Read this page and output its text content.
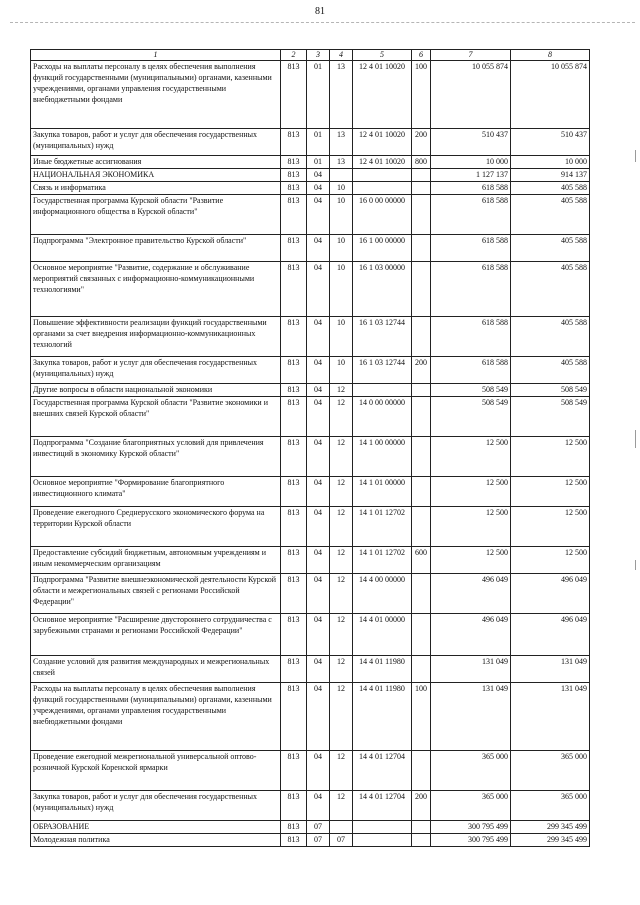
81
1	2	3	4	5	6	7	8
Расходы на выплаты персоналу в целях обеспечения выполнения функций государственными (муниципальными) органами, казенными учреждениями, органами управления государственными внебюджетными фондами	813	01	13	12 4 01 10020	100	10 055 874	10 055 874
Закупка товаров, работ и услуг для обеспечения государственных (муниципальных) нужд	813	01	13	12 4 01 10020	200	510 437	510 437
Иные бюджетные ассигнования	813	01	13	12 4 01 10020	800	10 000	10 000
НАЦИОНАЛЬНАЯ ЭКОНОМИКА	813	04				1 127 137	914 137
Связь и информатика	813	04	10			618 588	405 588
Государственная программа Курской области "Развитие информационного общества в Курской области"	813	04	10	16 0 00 00000		618 588	405 588
Подпрограмма "Электронное правительство Курской области"	813	04	10	16 1 00 00000		618 588	405 588
Основное мероприятие "Развитие, содержание и обслуживание мероприятий связанных с информационно-коммуникационными технологиями"	813	04	10	16 1 03 00000		618 588	405 588
Повышение эффективности реализации функций государственными органами за счет внедрения информационно-коммуникационных технологий	813	04	10	16 1 03 12744		618 588	405 588
Закупка товаров, работ и услуг для обеспечения государственных (муниципальных) нужд	813	04	10	16 1 03 12744	200	618 588	405 588
Другие вопросы в области национальной экономики	813	04	12			508 549	508 549
Государственная программа Курской области "Развитие экономики и внешних связей Курской области"	813	04	12	14 0 00 00000		508 549	508 549
Подпрограмма "Создание благоприятных условий для привлечения инвестиций в экономику Курской области"	813	04	12	14 1 00 00000		12 500	12 500
Основное мероприятие "Формирование благоприятного инвестиционного климата"	813	04	12	14 1 01 00000		12 500	12 500
Проведение ежегодного Среднерусского экономического форума на территории Курской области	813	04	12	14 1 01 12702		12 500	12 500
Предоставление субсидий бюджетным, автономным учреждениям и иным некоммерческим организациям	813	04	12	14 1 01 12702	600	12 500	12 500
Подпрограмма "Развитие внешнеэкономической деятельности Курской области и межрегиональных связей с регионами Российской Федерации"	813	04	12	14 4 00 00000		496 049	496 049
Основное мероприятие "Расширение двустороннего сотрудничества с зарубежными странами и регионами Российской Федерации"	813	04	12	14 4 01 00000		496 049	496 049
Создание условий для развития международных и межрегиональных связей	813	04	12	14 4 01 11980		131 049	131 049
Расходы на выплаты персоналу в целях обеспечения выполнения функций государственными (муниципальными) органами, казенными учреждениями, органами управления государственными внебюджетными фондами	813	04	12	14 4 01 11980	100	131 049	131 049
Проведение ежегодной межрегиональной универсальной оптово-розничной Курской Коренской ярмарки	813	04	12	14 4 01 12704		365 000	365 000
Закупка товаров, работ и услуг для обеспечения государственных (муниципальных) нужд	813	04	12	14 4 01 12704	200	365 000	365 000
ОБРАЗОВАНИЕ	813	07				300 795 499	299 345 499
Молодежная политика	813	07	07			300 795 499	299 345 499
